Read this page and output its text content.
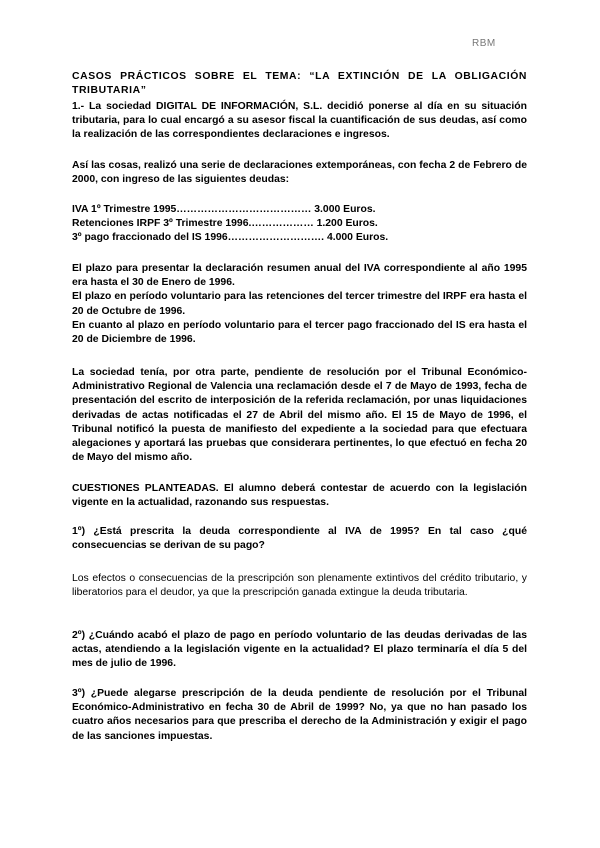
RBM
CASOS PRÁCTICOS SOBRE EL TEMA: “LA EXTINCIÓN DE LA OBLIGACIÓN TRIBUTARIA”
1.- La sociedad DIGITAL DE INFORMACIÓN, S.L. decidió ponerse al día en su situación tributaria, para lo cual encargó a su asesor fiscal la cuantificación de sus deudas, así como la realización de las correspondientes declaraciones e ingresos.
Así las cosas, realizó una serie de declaraciones extemporáneas, con fecha 2 de Febrero de 2000, con ingreso de las siguientes deudas:
IVA 1º Trimestre 1995………………………………… 3.000 Euros.
Retenciones IRPF 3º Trimestre 1996.……………… 1.200 Euros.
3º pago fraccionado del IS 1996………………………. 4.000 Euros.
El plazo para presentar la declaración resumen anual del IVA correspondiente al año 1995 era hasta el 30 de Enero de 1996.
El plazo en período voluntario para las retenciones del tercer trimestre del IRPF era hasta el 20 de Octubre de 1996.
En cuanto al plazo en período voluntario para el tercer pago fraccionado del IS era hasta el 20 de Diciembre de 1996.
La sociedad tenía, por otra parte, pendiente de resolución por el Tribunal Económico-Administrativo Regional de Valencia una reclamación desde el 7 de Mayo de 1993, fecha de presentación del escrito de interposición de la referida reclamación, por unas liquidaciones derivadas de actas notificadas el 27 de Abril del mismo año. El 15 de Mayo de 1996, el Tribunal notificó la puesta de manifiesto del expediente a la sociedad para que efectuara alegaciones y aportará las pruebas que considerara pertinentes, lo que efectuó en fecha 20 de Mayo del mismo año.
CUESTIONES PLANTEADAS. El alumno deberá contestar de acuerdo con la legislación vigente en la actualidad, razonando sus respuestas.
1º) ¿Está prescrita la deuda correspondiente al IVA de 1995? En tal caso ¿qué consecuencias se derivan de su pago?
Los efectos o consecuencias de la prescripción son plenamente extintivos del crédito tributario, y liberatorios para el deudor, ya que la prescripción ganada extingue la deuda tributaria.
2º) ¿Cuándo acabó el plazo de pago en período voluntario de las deudas derivadas de las actas, atendiendo a la legislación vigente en la actualidad? El plazo terminaría el día 5 del mes de julio de 1996.
3º) ¿Puede alegarse prescripción de la deuda pendiente de resolución por el Tribunal Económico-Administrativo en fecha 30 de Abril de 1999? No, ya que no han pasado los cuatro años necesarios para que prescriba el derecho de la Administración y exigir el pago de las sanciones impuestas.
